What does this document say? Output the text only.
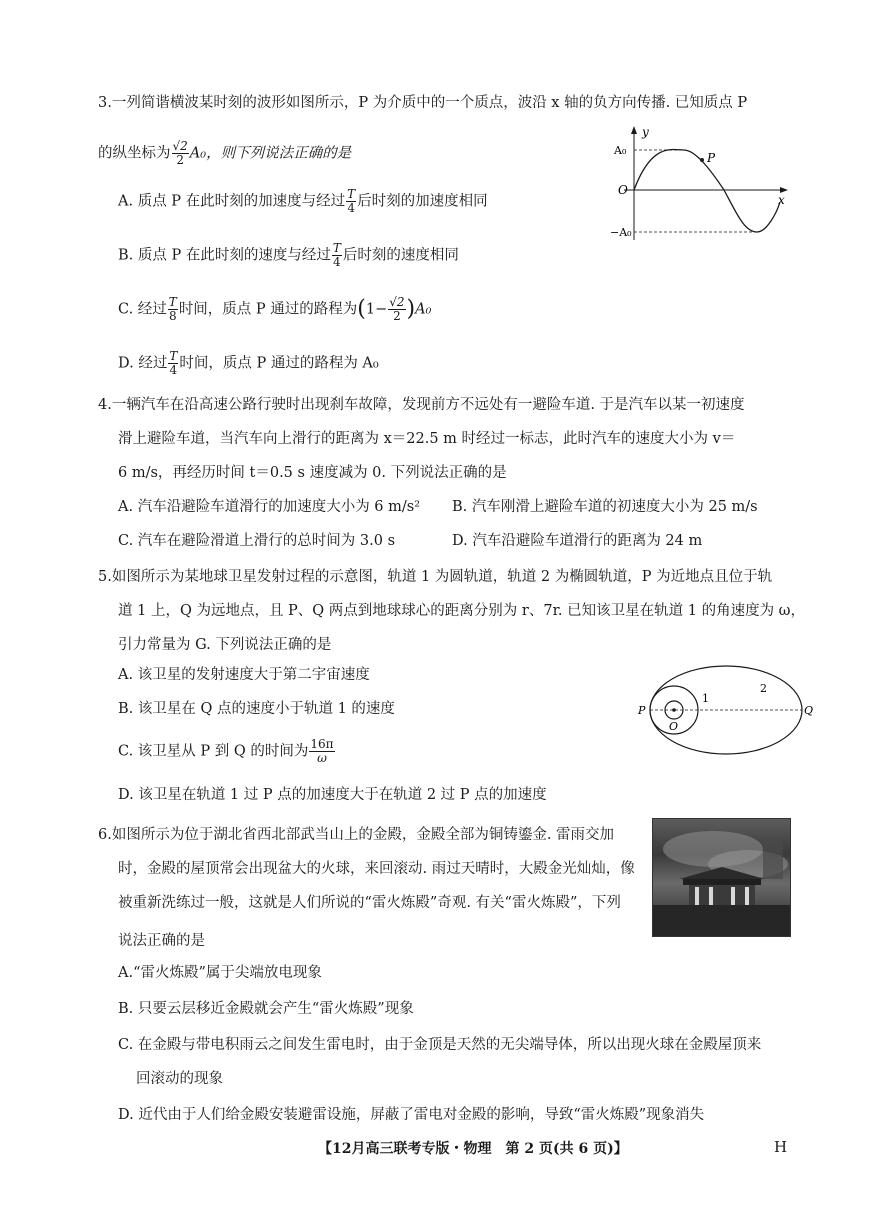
3.一列简谐横波某时刻的波形如图所示，P 为介质中的一个质点，波沿 x 轴的负方向传播. 已知质点 P
的纵坐标为 $\frac{√2}{2} A_0$，则下列说法正确的是
y
x
O
A₀
−A₀
P
A. 质点 P 在此时刻的加速度与经过 $\frac{T}{4}$ 后时刻的加速度相同
B. 质点 P 在此时刻的速度与经过 $\frac{T}{4}$ 后时刻的速度相同
C. 经过 $\frac{T}{8}$ 时间，质点 P 通过的路程为$(1- \frac{√2}{2} )A_0$
D. 经过 $\frac{T}{4}$ 时间，质点 P 通过的路程为 A₀
4.一辆汽车在沿高速公路行驶时出现刹车故障，发现前方不远处有一避险车道. 于是汽车以某一初速度
滑上避险车道，当汽车向上滑行的距离为 x＝22.5 m 时经过一标志，此时汽车的速度大小为 v＝
6 m/s，再经历时间 t＝0.5 s 速度减为 0. 下列说法正确的是
A. 汽车沿避险车道滑行的加速度大小为 6 m/s² B. 汽车刚滑上避险车道的初速度大小为 25 m/s
C. 汽车在避险滑道上滑行的总时间为 3.0 s	D. 汽车沿避险车道滑行的距离为 24 m
5.如图所示为某地球卫星发射过程的示意图，轨道 1 为圆轨道，轨道 2 为椭圆轨道，P 为近地点且位于轨
道 1 上，Q 为远地点，且 P、Q 两点到地球球心的距离分别为 r、7r. 已知该卫星在轨道 1 的角速度为 ω，
引力常量为 G. 下列说法正确的是
A. 该卫星的发射速度大于第二宇宙速度
B. 该卫星在 Q 点的速度小于轨道 1 的速度
C. 该卫星从 P 到 Q 的时间为 $\frac{16\pi}{\omega}$
D. 该卫星在轨道 1 过 P 点的加速度大于在轨道 2 过 P 点的加速度
P	Q
O
1
2
6.如图所示为位于湖北省西北部武当山上的金殿，金殿全部为铜铸鎏金. 雷雨交加
时，金殿的屋顶常会出现盆大的火球，来回滚动. 雨过天晴时，大殿金光灿灿，像
被重新洗练过一般，这就是人们所说的“雷火炼殿”奇观. 有关“雷火炼殿”，下列
说法正确的是
A.“雷火炼殿”属于尖端放电现象
B. 只要云层移近金殿就会产生“雷火炼殿”现象
C. 在金殿与带电积雨云之间发生雷电时，由于金顶是天然的无尖端导体，所以出现火球在金殿屋顶来
回滚动的现象
D. 近代由于人们给金殿安装避雷设施，屏蔽了雷电对金殿的影响，导致“雷火炼殿”现象消失
【12月高三联考专版・物理　第 2 页(共 6 页)】	H
